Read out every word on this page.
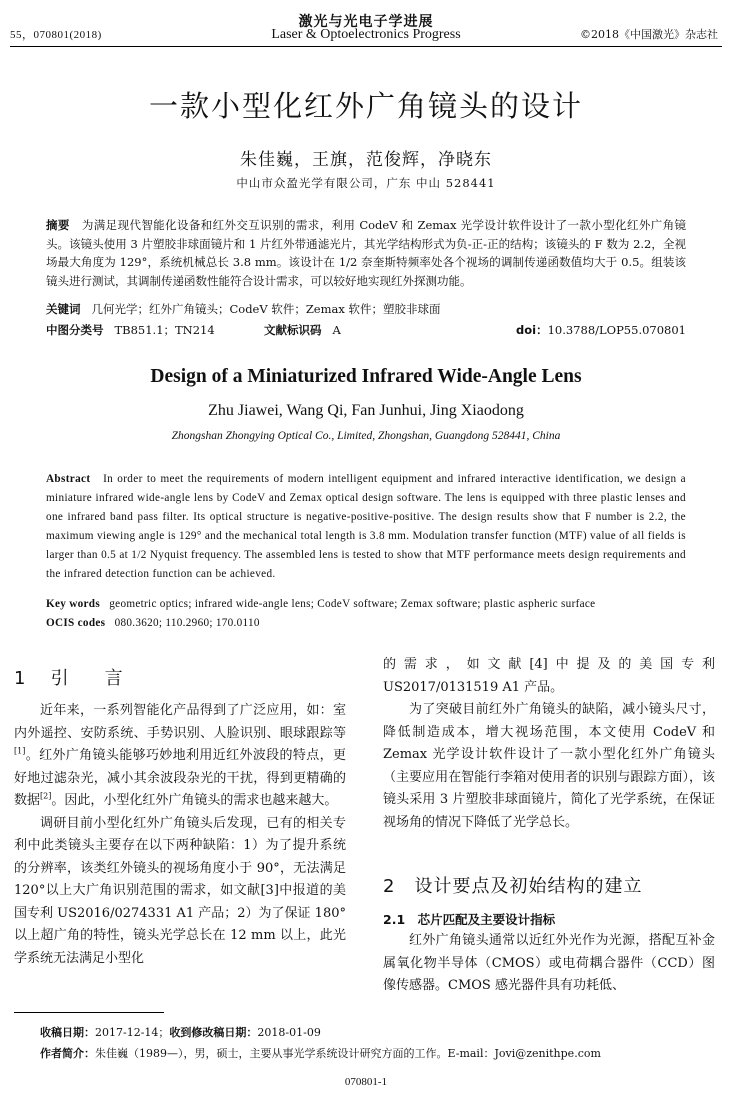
55，070801(2018)
激光与光电子学进展
Laser & Optoelectronics Progress	©2018《中国激光》杂志社
一款小型化红外广角镜头的设计
朱佳巍，王旗，范俊辉，净晓东
中山市众盈光学有限公司，广东 中山 528441
摘要 为满足现代智能化设备和红外交互识别的需求，利用 CodeV 和 Zemax 光学设计软件设计了一款小型化红外广角镜头。该镜头使用 3 片塑胶非球面镜片和 1 片红外带通滤光片，其光学结构形式为负-正-正的结构；该镜头的 F 数为 2.2，全视场最大角度为 129°，系统机械总长 3.8 mm。该设计在 1/2 奈奎斯特频率处各个视场的调制传递函数值均大于 0.5。组装该镜头进行测试，其调制传递函数性能符合设计需求，可以较好地实现红外探测功能。
关键词 几何光学；红外广角镜头；CodeV 软件；Zemax 软件；塑胶非球面
中图分类号 TB851.1；TN214	文献标识码 A	doi：10.3788/LOP55.070801
Design of a Miniaturized Infrared Wide-Angle Lens
Zhu Jiawei, Wang Qi, Fan Junhui, Jing Xiaodong
Zhongshan Zhongying Optical Co., Limited, Zhongshan, Guangdong 528441, China
Abstract In order to meet the requirements of modern intelligent equipment and infrared interactive identification, we design a miniature infrared wide-angle lens by CodeV and Zemax optical design software. The lens is equipped with three plastic lenses and one infrared band pass filter. Its optical structure is negative-positive-positive. The design results show that F number is 2.2, the maximum viewing angle is 129° and the mechanical total length is 3.8 mm. Modulation transfer function (MTF) value of all fields is larger than 0.5 at 1/2 Nyquist frequency. The assembled lens is tested to show that MTF performance meets design requirements and the infrared detection function can be achieved.
Key words geometric optics; infrared wide-angle lens; CodeV software; Zemax software; plastic aspheric surface
OCIS codes 080.3620; 110.2960; 170.0110
1 引 言

近年来，一系列智能化产品得到了广泛应用，如：室内外遥控、安防系统、手势识别、人脸识别、眼球跟踪等[1]。红外广角镜头能够巧妙地利用近红外波段的特点，更好地过滤杂光，减小其余波段杂光的干扰，得到更精确的数据[2]。因此，小型化红外广角镜头的需求也越来越大。

调研目前小型化红外广角镜头后发现，已有的相关专利中此类镜头主要存在以下两种缺陷：1）为了提升系统的分辨率，该类红外镜头的视场角度小于 90°，无法满足 120°以上大广角识别范围的需求，如文献[3]中报道的美国专利 US2016/0274331 A1 产品；2）为了保证 180°以上超广角的特性，镜头光学总长在 12 mm 以上，此光学系统无法满足小型化

的需求，如文献[4]中提及的美国专利 US2017/0131519 A1 产品。

为了突破目前红外广角镜头的缺陷，减小镜头尺寸，降低制造成本，增大视场范围，本文使用 CodeV 和 Zemax 光学设计软件设计了一款小型化红外广角镜头（主要应用在智能行李箱对使用者的识别与跟踪方面），该镜头采用 3 片塑胶非球面镜片，简化了光学系统，在保证视场角的情况下降低了光学总长。

2　设计要点及初始结构的建立
2.1　芯片匹配及主要设计指标

红外广角镜头通常以近红外光作为光源，搭配互补金属氧化物半导体（CMOS）或电荷耦合器件（CCD）图像传感器。CMOS 感光器件具有功耗低、

收稿日期：2017-12-14；收到修改稿日期：2018-01-09
作者简介：朱佳巍（1989—），男，硕士，主要从事光学系统设计研究方面的工作。E-mail：Jovi@zenithpe.com
070801-1
